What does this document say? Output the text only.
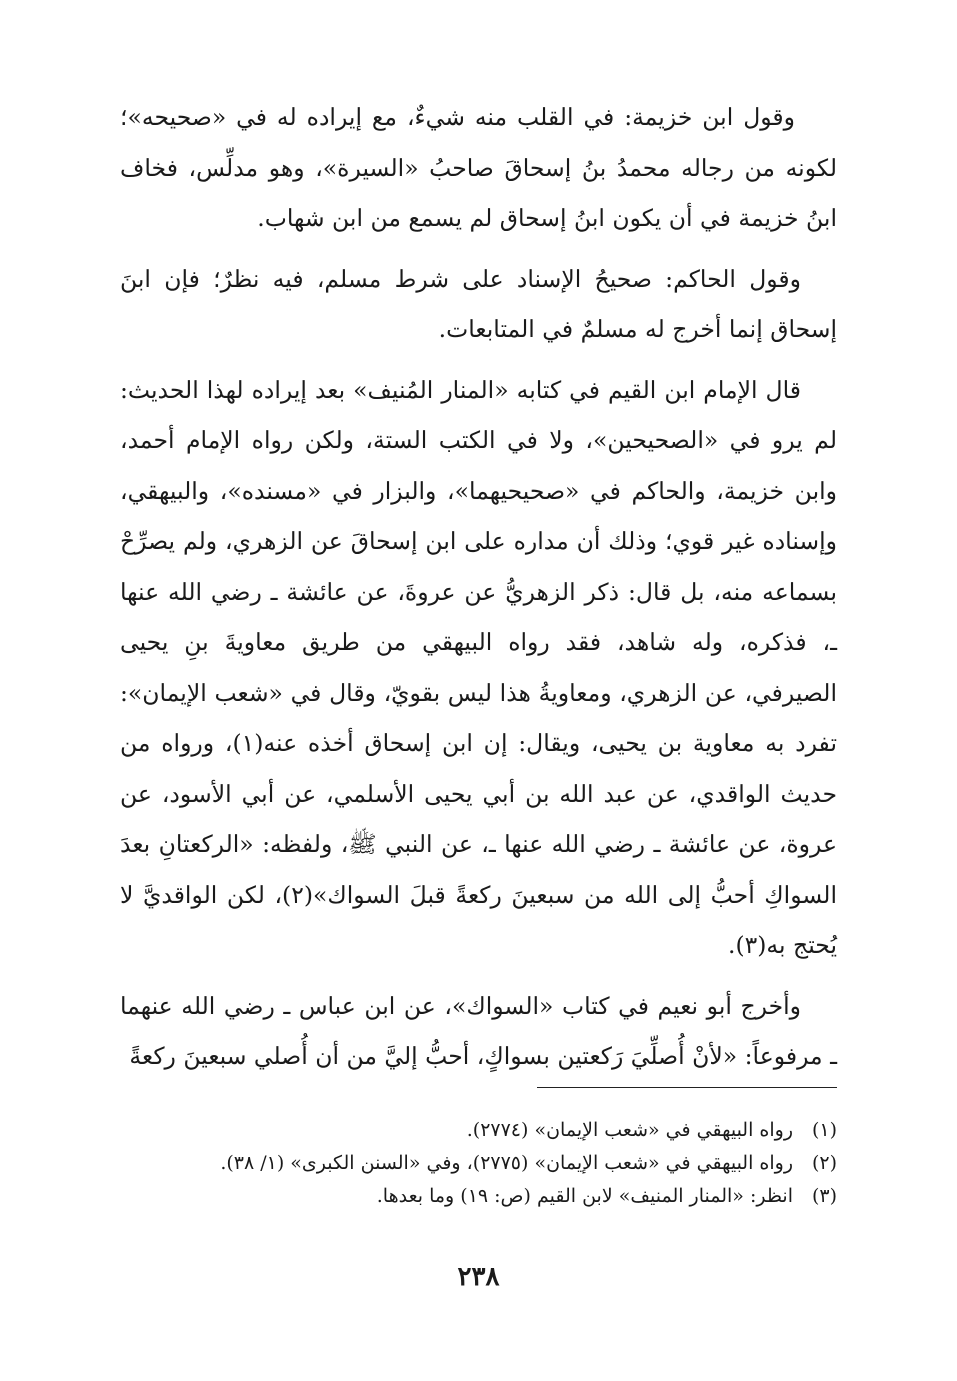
وقول ابن خزيمة: في القلب منه شيءٌ، مع إيراده له في «صحيحه»؛ لكونه من رجاله محمدُ بنُ إسحاقَ صاحبُ «السيرة»، وهو مدلِّس، فخاف ابنُ خزيمة في أن يكون ابنُ إسحاق لم يسمع من ابن شهاب.

وقول الحاكم: صحيحُ الإسناد على شرط مسلم، فيه نظرٌ؛ فإن ابنَ إسحاق إنما أخرج له مسلمٌ في المتابعات.

قال الإمام ابن القيم في كتابه «المنار المُنيف» بعد إيراده لهذا الحديث: لم يرو في «الصحيحين»، ولا في الكتب الستة، ولكن رواه الإمام أحمد، وابن خزيمة، والحاكم في «صحيحيهما»، والبزار في «مسنده»، والبيهقي، وإسناده غير قوي؛ وذلك أن مداره على ابن إسحاقَ عن الزهري، ولم يصرِّحْ بسماعه منه، بل قال: ذكر الزهريُّ عن عروةَ، عن عائشة ـ رضي الله عنها ـ، فذكره، وله شاهد، فقد رواه البيهقي من طريق معاويةَ بنِ يحيى الصيرفي، عن الزهري، ومعاويةُ هذا ليس بقويّ، وقال في «شعب الإيمان»: تفرد به معاوية بن يحيى، ويقال: إن ابن إسحاق أخذه عنه(١)، ورواه من حديث الواقدي، عن عبد الله بن أبي يحيى الأسلمي، عن أبي الأسود، عن عروة، عن عائشة ـ رضي الله عنها ـ، عن النبي ﷺ، ولفظه: «الركعتانِ بعدَ السواكِ أحبُّ إلى الله من سبعينَ ركعةً قبلَ السواك»(٢)، لكن الواقديَّ لا يُحتج به(٣).

وأخرج أبو نعيم في كتاب «السواك»، عن ابن عباس ـ رضي الله عنهما ـ مرفوعاً: «لأنْ أُصلِّيَ رَكعتين بسواكٍ، أحبُّ إليَّ من أن أُصلي سبعينَ ركعةً

(١)
رواه البيهقي في «شعب الإيمان» (٢٧٧٤).
(٢)
رواه البيهقي في «شعب الإيمان» (٢٧٧٥)، وفي «السنن الكبرى» (١/ ٣٨).
(٣)
انظر: «المنار المنيف» لابن القيم (ص: ١٩) وما بعدها.
٢٣٨
